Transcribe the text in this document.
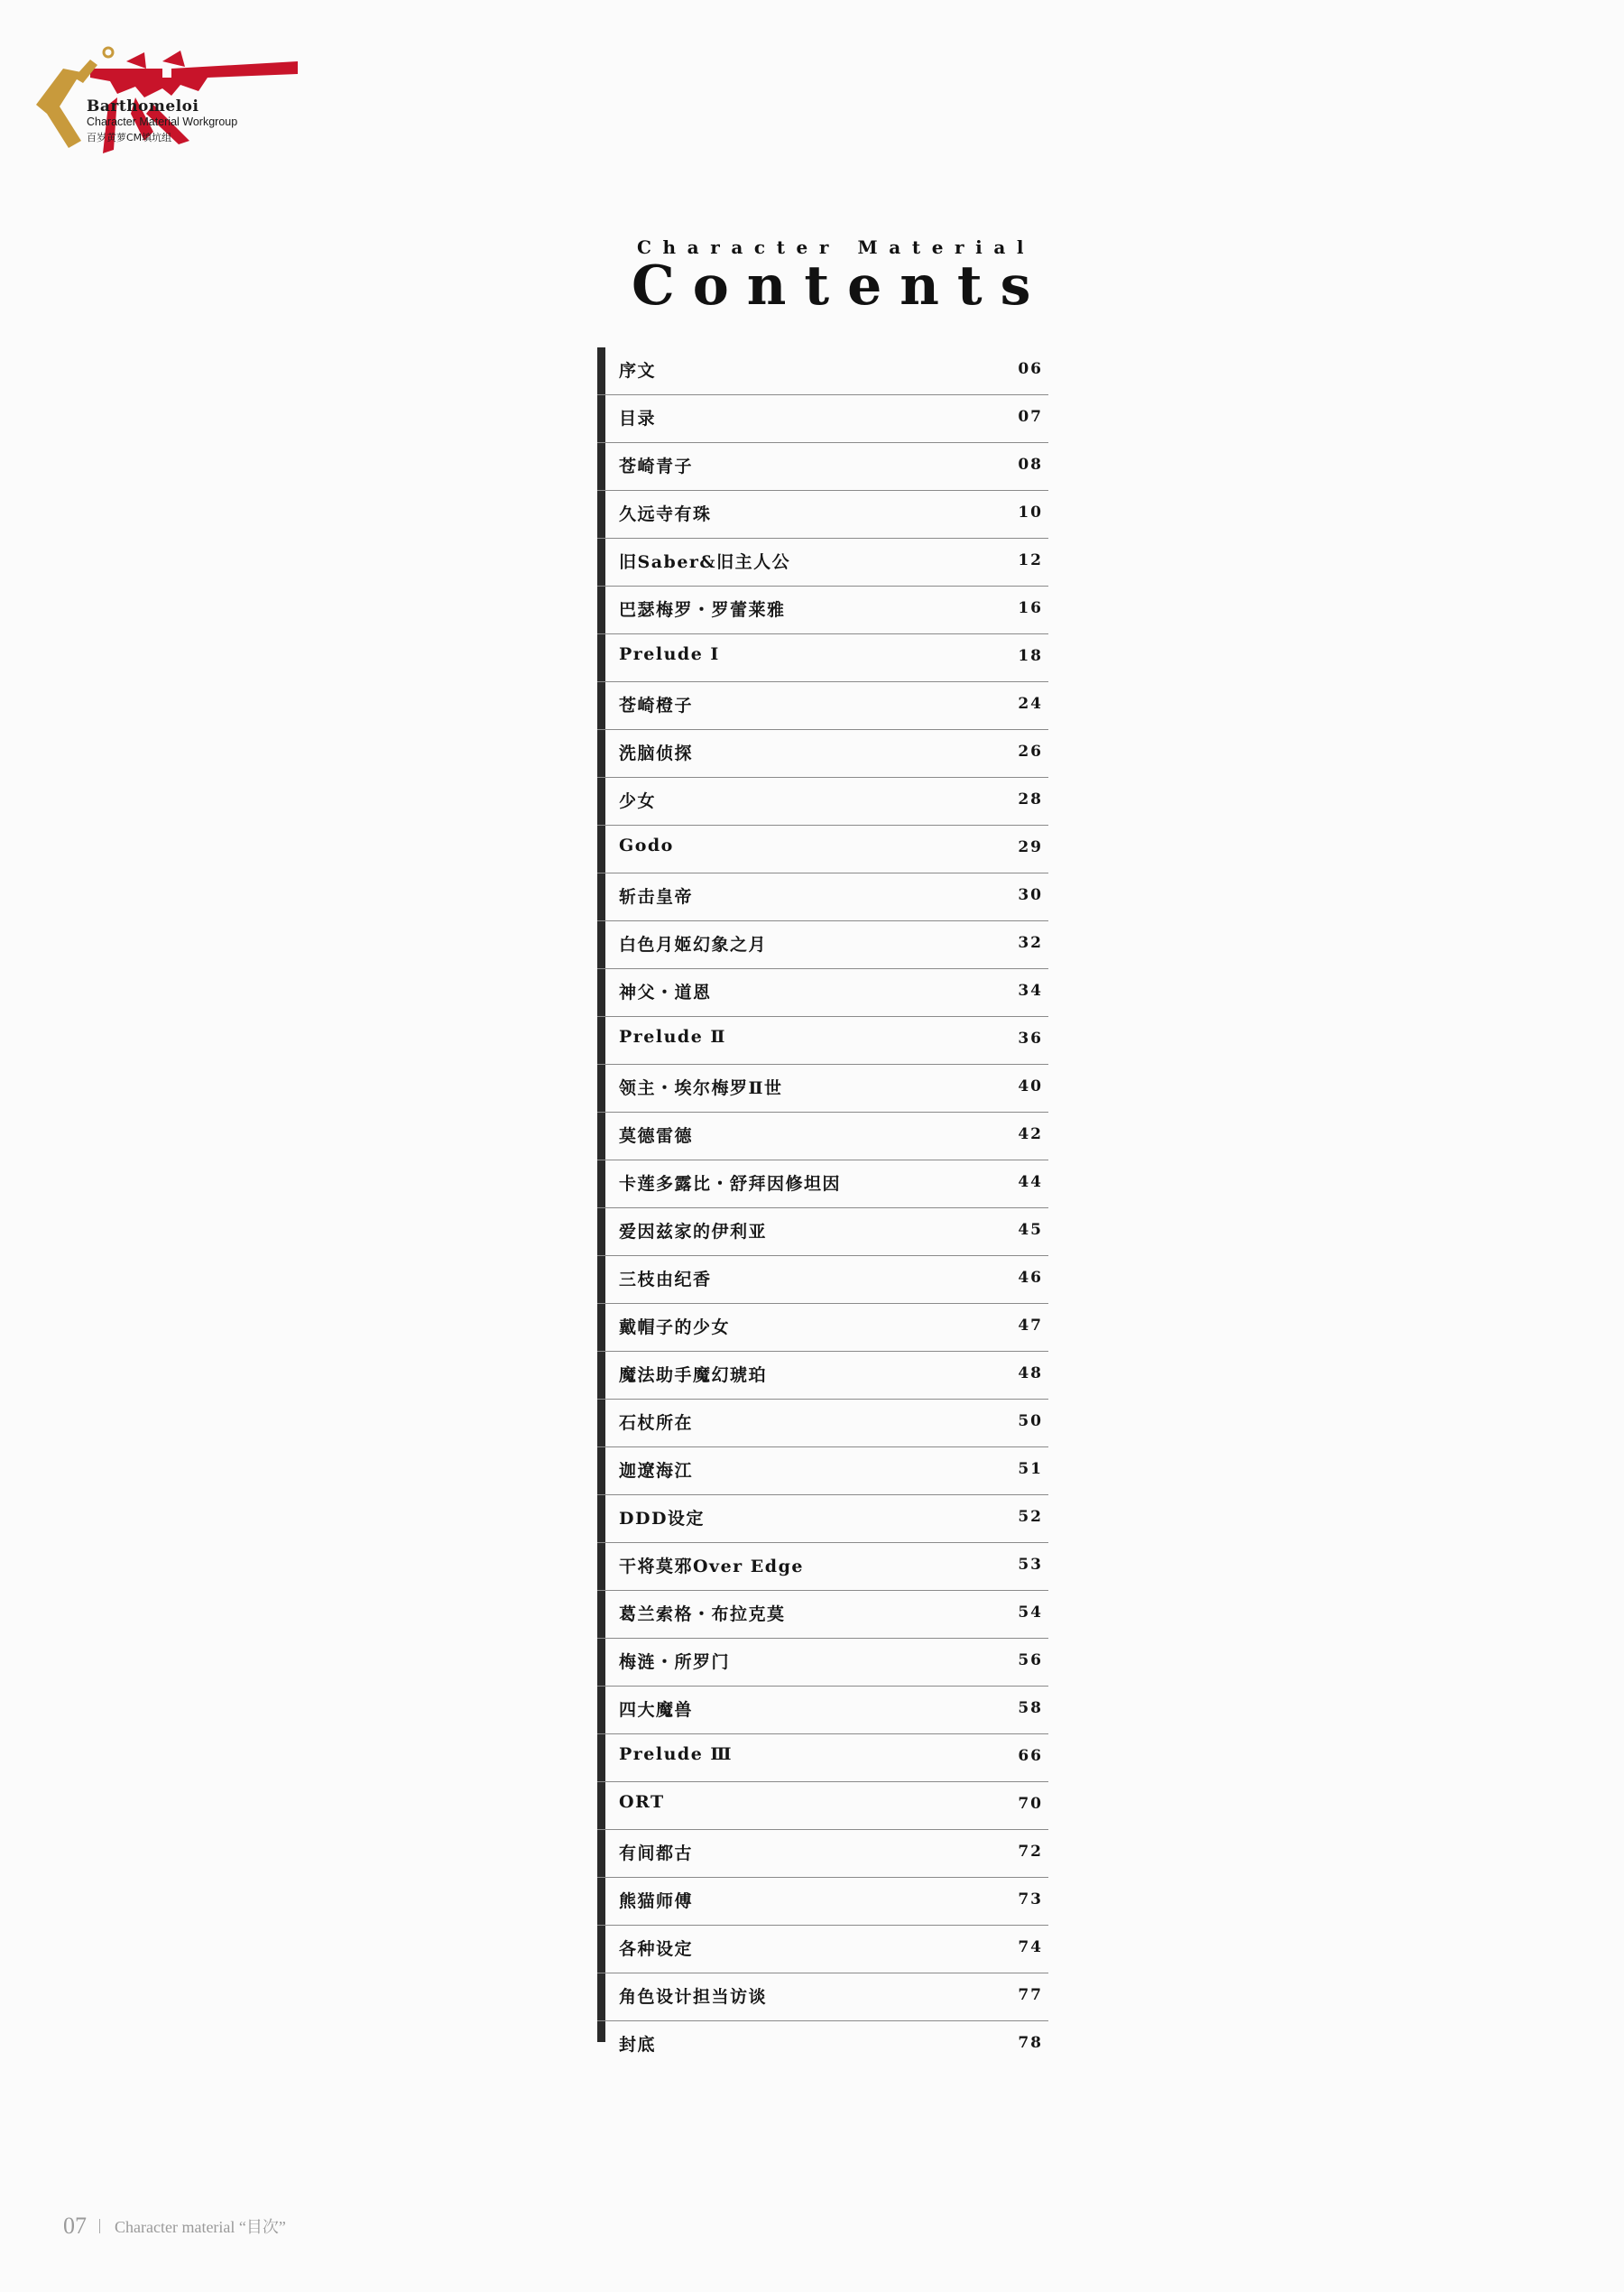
Barthomeloi
Character Material Workgroup
百岁黄萝CM填坑组
Character Material
Contents
序文	06
目录	07
苍崎青子	08
久远寺有珠	10
旧Saber&旧主人公	12
巴瑟梅罗・罗蕾莱雅	16
Prelude Ⅰ	18
苍崎橙子	24
洗脑侦探	26
少女	28
Godo	29
斩击皇帝	30
白色月姬幻象之月	32
神父・道恩	34
Prelude Ⅱ	36
领主・埃尔梅罗Ⅱ世	40
莫德雷德	42
卡莲多露比・舒拜因修坦因	44
爱因兹家的伊利亚	45
三枝由纪香	46
戴帽子的少女	47
魔法助手魔幻琥珀	48
石杖所在	50
迦遼海江	51
DDD设定	52
干将莫邪Over Edge	53
葛兰索格・布拉克莫	54
梅涟・所罗门	56
四大魔兽	58
Prelude Ⅲ	66
ORT	70
有间都古	72
熊猫师傅	73
各种设定	74
角色设计担当访谈	77
封底	78
07 Character material “目次”
